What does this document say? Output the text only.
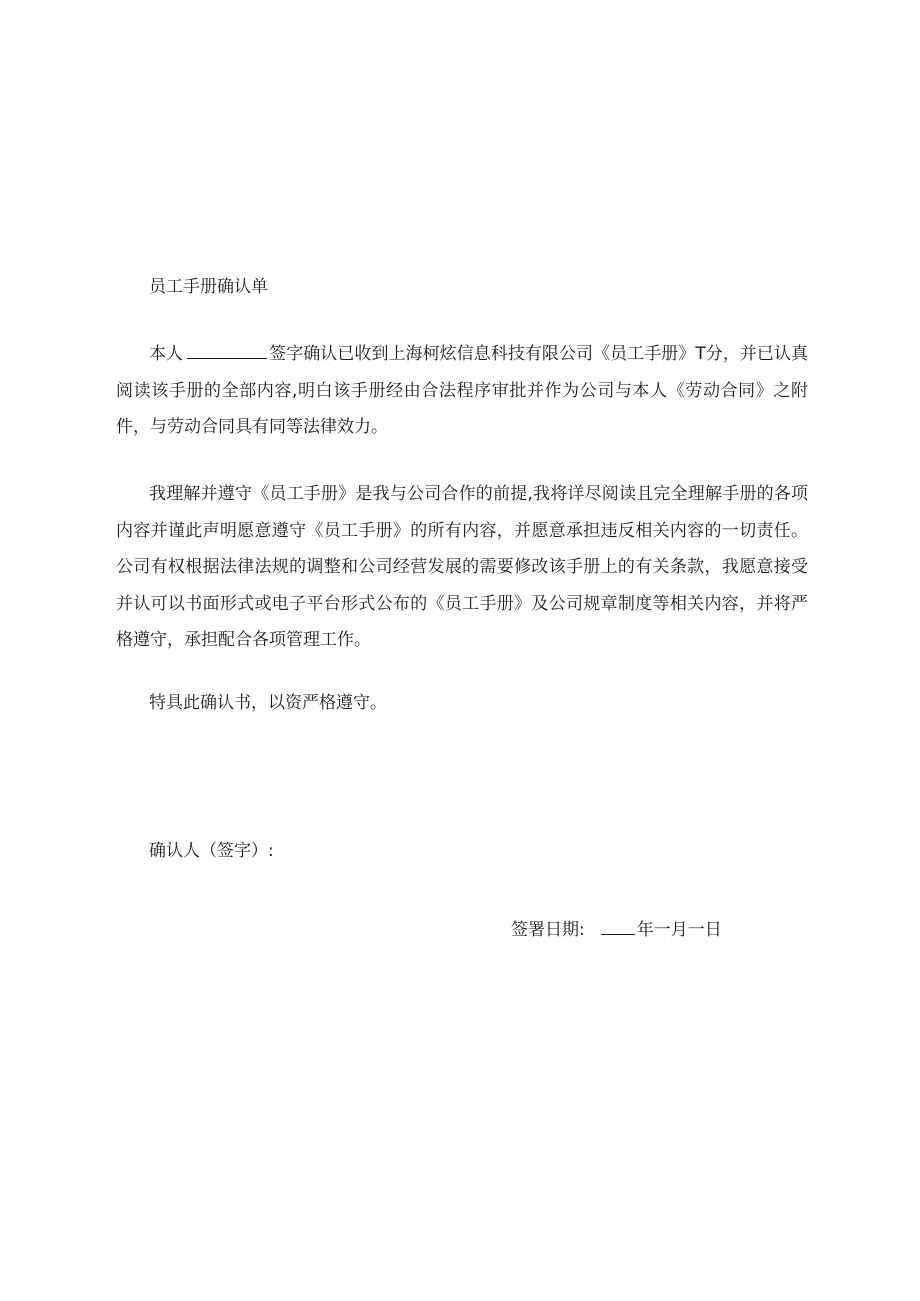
员工手册确认单

本人	签字确认已收到上海柯炫信息科技有限公司《员工手册》T分，并已认真阅读该手册的全部内容,明白该手册经由合法程序审批并作为公司与本人《劳动合同》之附件，与劳动合同具有同等法律效力。

我理解并遵守《员工手册》是我与公司合作的前提,我将详尽阅读且完全理解手册的各项内容并谨此声明愿意遵守《员工手册》的所有内容，并愿意承担违反相关内容的一切责任。公司有权根据法律法规的调整和公司经营发展的需要修改该手册上的有关条款，我愿意接受并认可以书面形式或电子平台形式公布的《员工手册》及公司规章制度等相关内容，并将严格遵守，承担配合各项管理工作。

特具此确认书，以资严格遵守。
确认人（签字）:
签署日期:	年一月一日
